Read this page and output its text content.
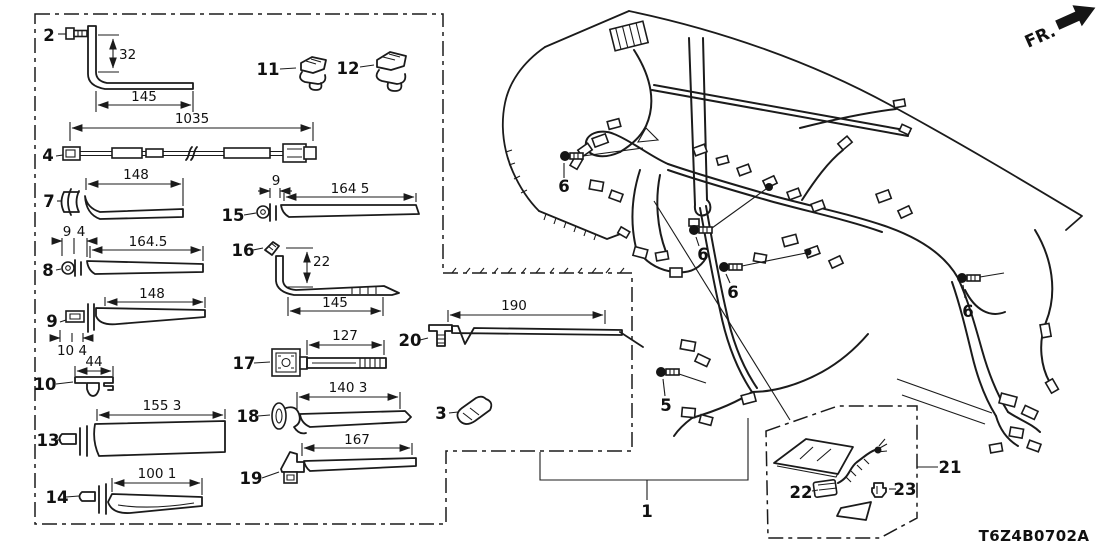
32
145
2
11	12
1035
4
148
7
9	164 5
15
9 4
164.5
8	22
145
16
148
10 4
9
44
10
155 3
13
100 1
14
127
17
140 3
18
167
19
190
20
3
6
6
6
6
5
1
22	23
21
FR.
T6Z4B0702A
